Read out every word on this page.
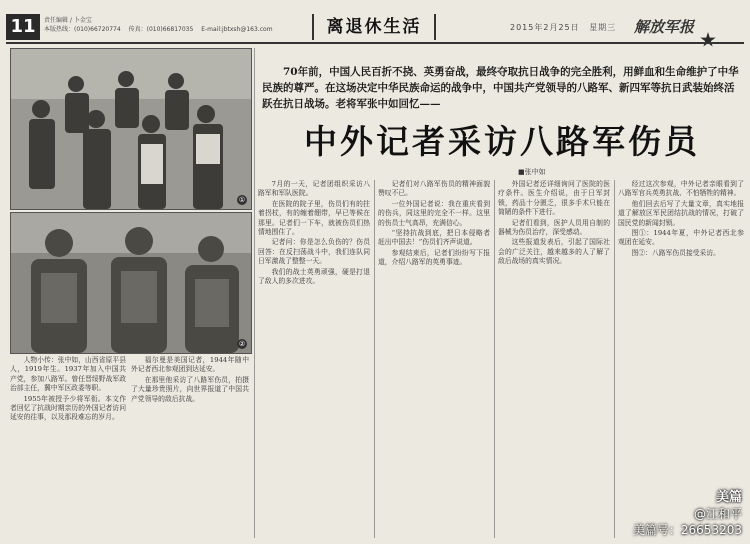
11	责任编辑 / 卜金宝
本版热线：(010)66720774 传真：(010)66817035 E-mail:jbtxsh@163.com	离退休生活	2015年2月25日 星期三	解放军报
①
②
70年前，中国人民百折不挠、英勇奋战，最终夺取抗日战争的完全胜利，用鲜血和生命维护了中华民族的尊严。在这场决定中华民族命运的战争中，中国共产党领导的八路军、新四军等抗日武装始终活跃在抗日战场。老将军张中如回忆——
中外记者采访八路军伤员
■张中如

人物小传：张中如，山西省原平县人，1919年生。1937年加入中国共产党，参加八路军。曾任晋绥野战军政治部主任，冀中军区政委等职。

1955年被授予少将军衔。本文作者回忆了抗战时期亲历的外国记者访问延安的往事，以及那段难忘的岁月。

福尔曼是美国记者，1944年随中外记者西北参观团到达延安。

在那里他采访了八路军伤员，拍摄了大量珍贵照片，向世界报道了中国共产党领导的敌后抗战。

7月的一天，记者团组织采访八路军和军队医院。

在医院的院子里，伤员们有的拄着拐杖，有的缠着绷带，早已等候在那里。记者们一下车，就被伤员们热情地围住了。

记者问：你是怎么负伤的？伤员回答：在反扫荡战斗中，我们连队同日军激战了整整一天。

我们的战士英勇顽强，硬是打退了敌人的多次进攻。

记者们对八路军伤员的精神面貌赞叹不已。

一位外国记者说：我在重庆看到的伤兵，同这里的完全不一样。这里的伤员士气高昂，充满信心。

“坚持抗战到底，把日本侵略者赶出中国去！”伤员们齐声说道。

参观结束后，记者们纷纷写下报道，介绍八路军的英勇事迹。

外国记者还详细询问了医院的医疗条件。医生介绍说，由于日军封锁，药品十分匮乏，很多手术只能在简陋的条件下进行。

记者们看到，医护人员用自制的器械为伤员治疗，深受感动。

这些报道发表后，引起了国际社会的广泛关注，越来越多的人了解了敌后战场的真实情况。

经过这次参观，中外记者亲眼看到了八路军官兵英勇抗战、不怕牺牲的精神。

他们回去后写了大量文章，真实地报道了解放区军民团结抗战的情况，打破了国民党的新闻封锁。

图①：1944年夏，中外记者西北参观团在延安。

图②：八路军伤员接受采访。

美篇
@江和平
美篇号：26653203
